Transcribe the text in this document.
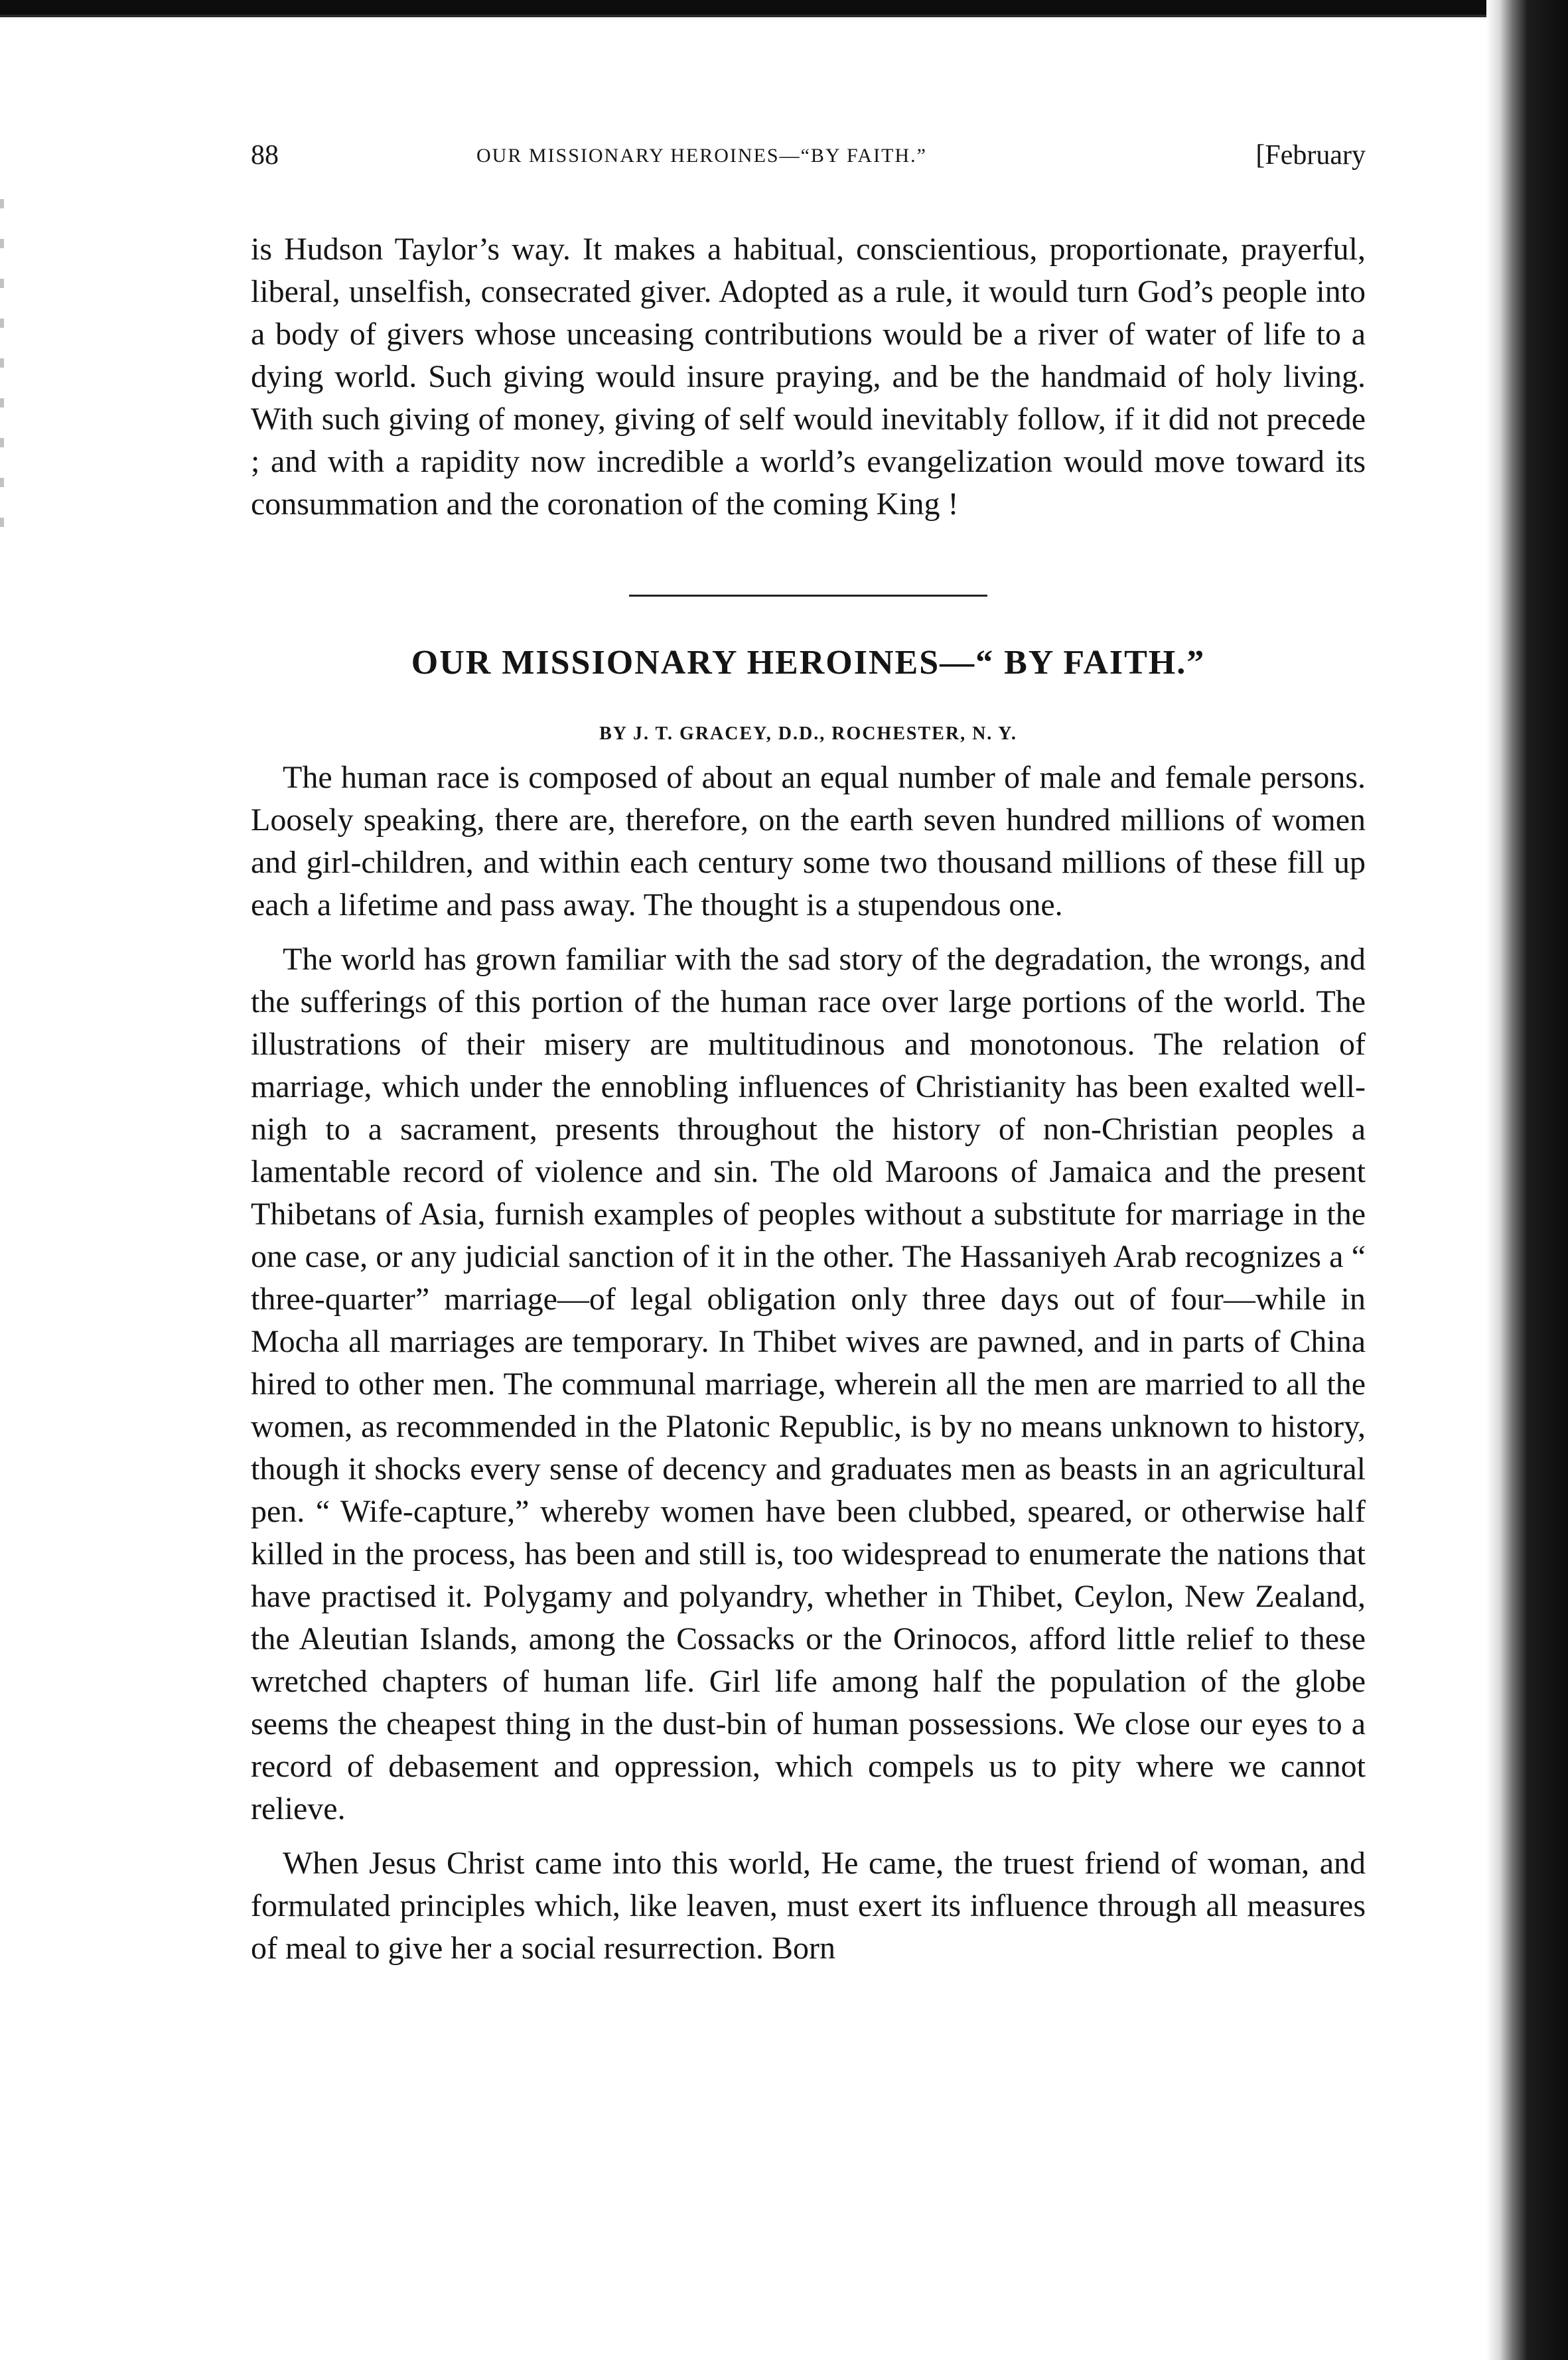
88	OUR MISSIONARY HEROINES—“BY FAITH.”	[February

is Hudson Taylor’s way. It makes a habitual, conscientious, proportionate, prayerful, liberal, unselfish, consecrated giver. Adopted as a rule, it would turn God’s people into a body of givers whose unceasing contributions would be a river of water of life to a dying world. Such giving would insure praying, and be the handmaid of holy living. With such giving of money, giving of self would inevitably follow, if it did not precede ; and with a rapidity now incredible a world’s evangelization would move toward its consummation and the coronation of the coming King !

OUR MISSIONARY HEROINES—“ BY FAITH.”
BY J. T. GRACEY, D.D., ROCHESTER, N. Y.

The human race is composed of about an equal number of male and female persons. Loosely speaking, there are, therefore, on the earth seven hundred millions of women and girl-children, and within each century some two thousand millions of these fill up each a lifetime and pass away. The thought is a stupendous one.

The world has grown familiar with the sad story of the degradation, the wrongs, and the sufferings of this portion of the human race over large portions of the world. The illustrations of their misery are multitudinous and monotonous. The relation of marriage, which under the ennobling influences of Christianity has been exalted well-nigh to a sacrament, presents throughout the history of non-Christian peoples a lamentable record of violence and sin. The old Maroons of Jamaica and the present Thibetans of Asia, furnish examples of peoples without a substitute for marriage in the one case, or any judicial sanction of it in the other. The Hassaniyeh Arab recognizes a “ three-quarter” marriage—of legal obligation only three days out of four—while in Mocha all marriages are temporary. In Thibet wives are pawned, and in parts of China hired to other men. The communal marriage, wherein all the men are married to all the women, as recommended in the Platonic Republic, is by no means unknown to history, though it shocks every sense of decency and graduates men as beasts in an agricultural pen. “ Wife-capture,” whereby women have been clubbed, speared, or otherwise half killed in the process, has been and still is, too widespread to enumerate the nations that have practised it. Polygamy and polyandry, whether in Thibet, Ceylon, New Zealand, the Aleutian Islands, among the Cossacks or the Orinocos, afford little relief to these wretched chapters of human life. Girl life among half the population of the globe seems the cheapest thing in the dust-bin of human possessions. We close our eyes to a record of debasement and oppression, which compels us to pity where we cannot relieve.

When Jesus Christ came into this world, He came, the truest friend of woman, and formulated principles which, like leaven, must exert its influence through all measures of meal to give her a social resurrection. Born
